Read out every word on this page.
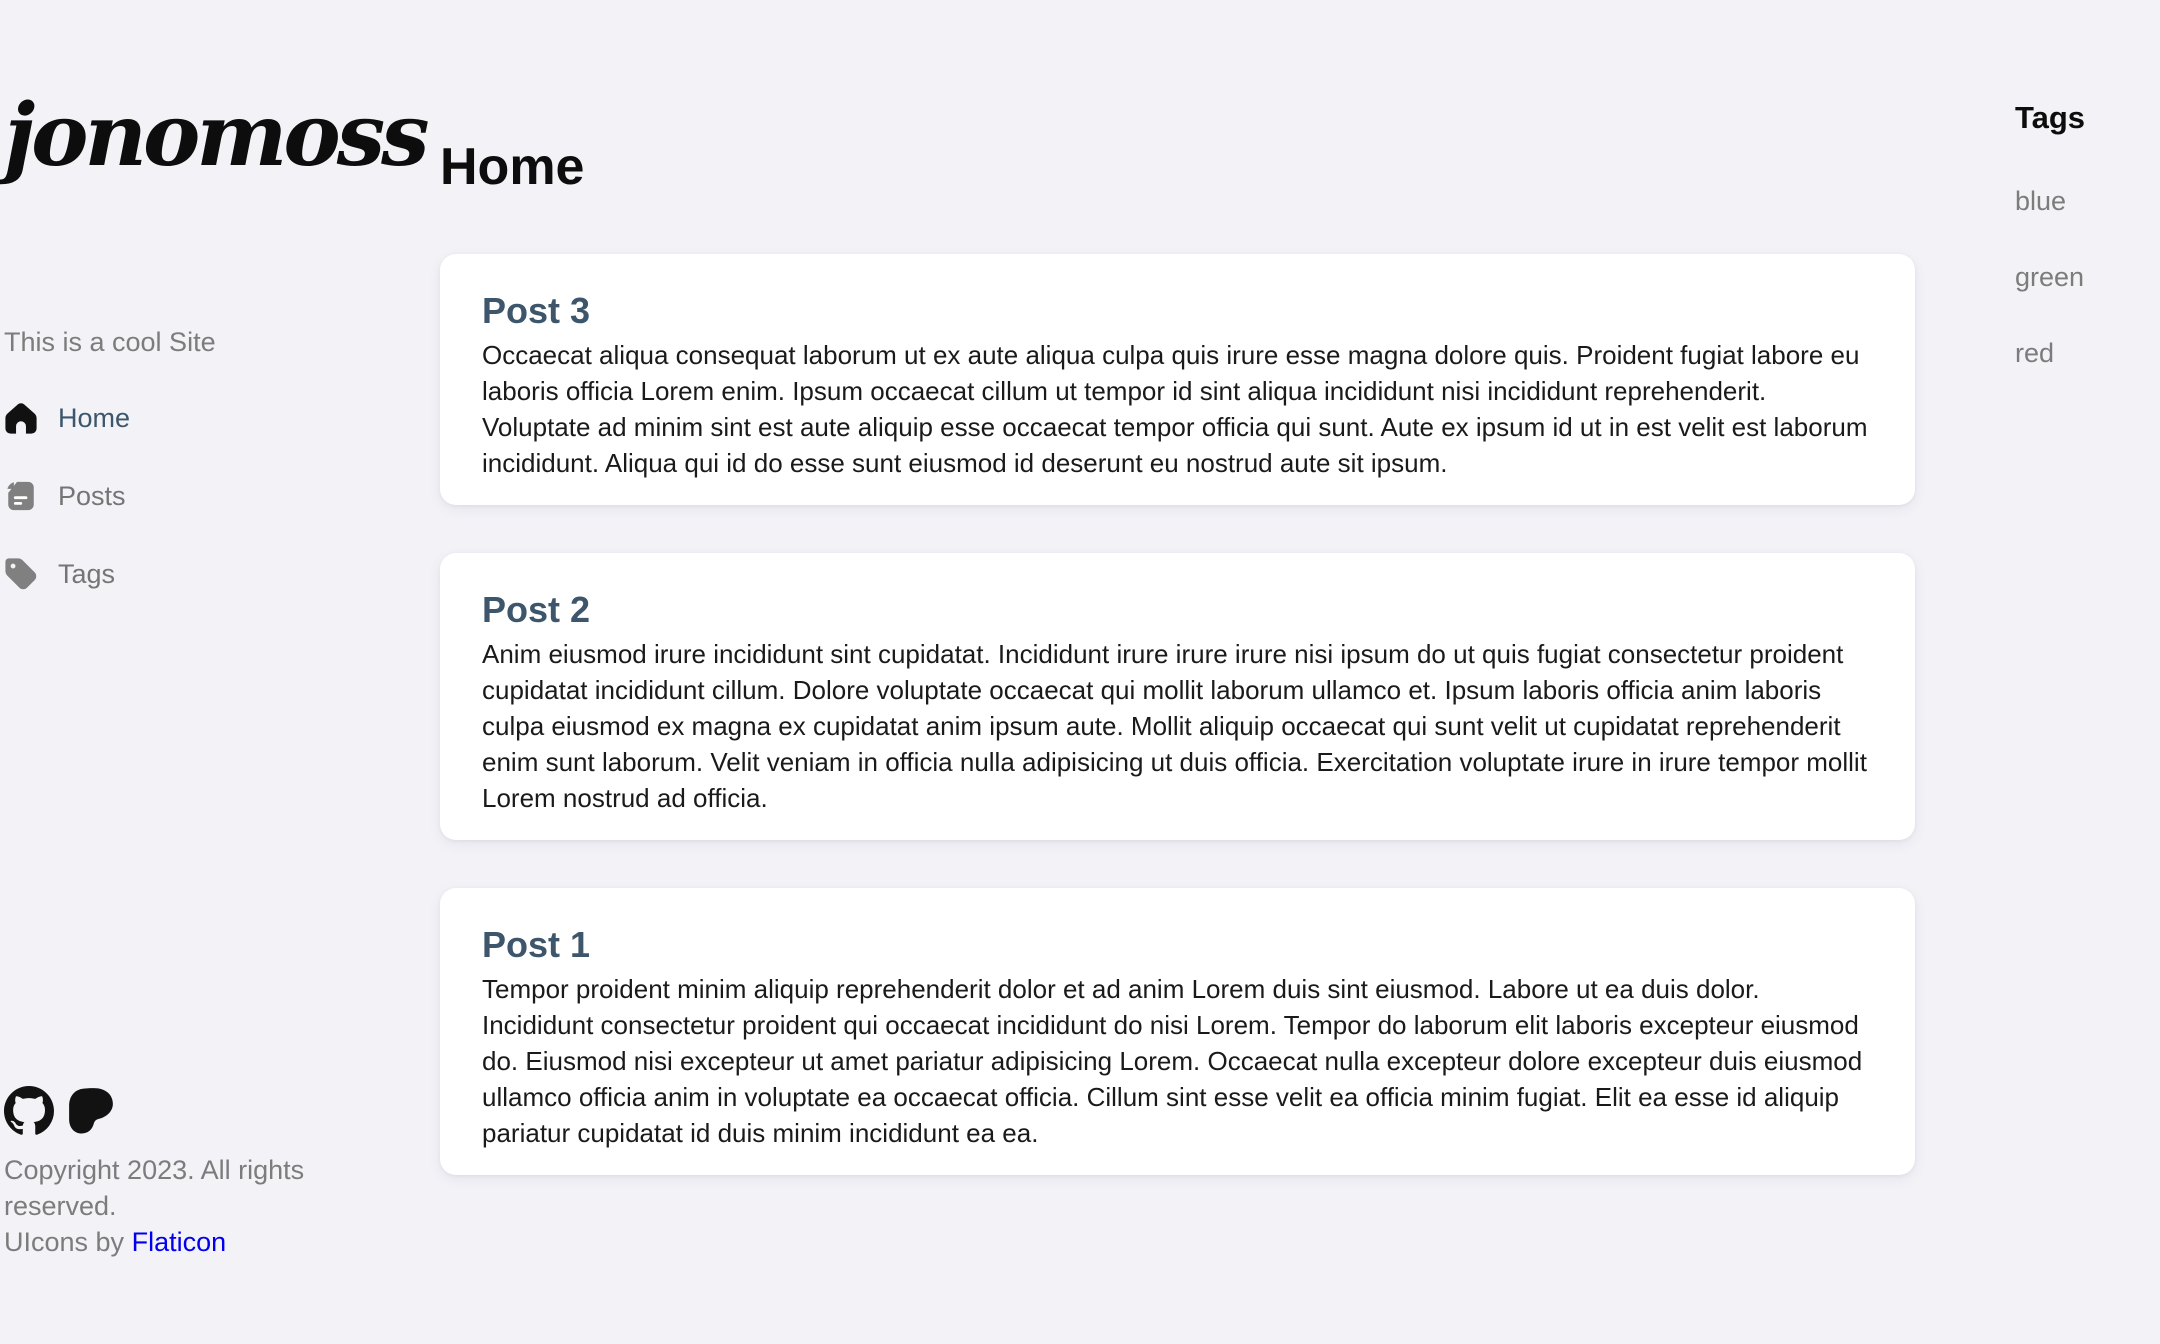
jonomoss
This is a cool Site
Home
Posts
Tags

Copyright 2023. All rights reserved.

UIcons by Flaticon

Home
Post 3

Occaecat aliqua consequat laborum ut ex aute aliqua culpa quis irure esse magna dolore quis. Proident fugiat labore eu laboris officia Lorem enim. Ipsum occaecat cillum ut tempor id sint aliqua incididunt nisi incididunt reprehenderit. Voluptate ad minim sint est aute aliquip esse occaecat tempor officia qui sunt. Aute ex ipsum id ut in est velit est laborum incididunt. Aliqua qui id do esse sunt eiusmod id deserunt eu nostrud aute sit ipsum.

Post 2

Anim eiusmod irure incididunt sint cupidatat. Incididunt irure irure irure nisi ipsum do ut quis fugiat consectetur proident cupidatat incididunt cillum. Dolore voluptate occaecat qui mollit laborum ullamco et. Ipsum laboris officia anim laboris culpa eiusmod ex magna ex cupidatat anim ipsum aute. Mollit aliquip occaecat qui sunt velit ut cupidatat reprehenderit enim sunt laborum. Velit veniam in officia nulla adipisicing ut duis officia. Exercitation voluptate irure in irure tempor mollit Lorem nostrud ad officia.

Post 1

Tempor proident minim aliquip reprehenderit dolor et ad anim Lorem duis sint eiusmod. Labore ut ea duis dolor. Incididunt consectetur proident qui occaecat incididunt do nisi Lorem. Tempor do laborum elit laboris excepteur eiusmod do. Eiusmod nisi excepteur ut amet pariatur adipisicing Lorem. Occaecat nulla excepteur dolore excepteur duis eiusmod ullamco officia anim in voluptate ea occaecat officia. Cillum sint esse velit ea officia minim fugiat. Elit ea esse id aliquip pariatur cupidatat id duis minim incididunt ea ea.

Tags
blue
green
red
